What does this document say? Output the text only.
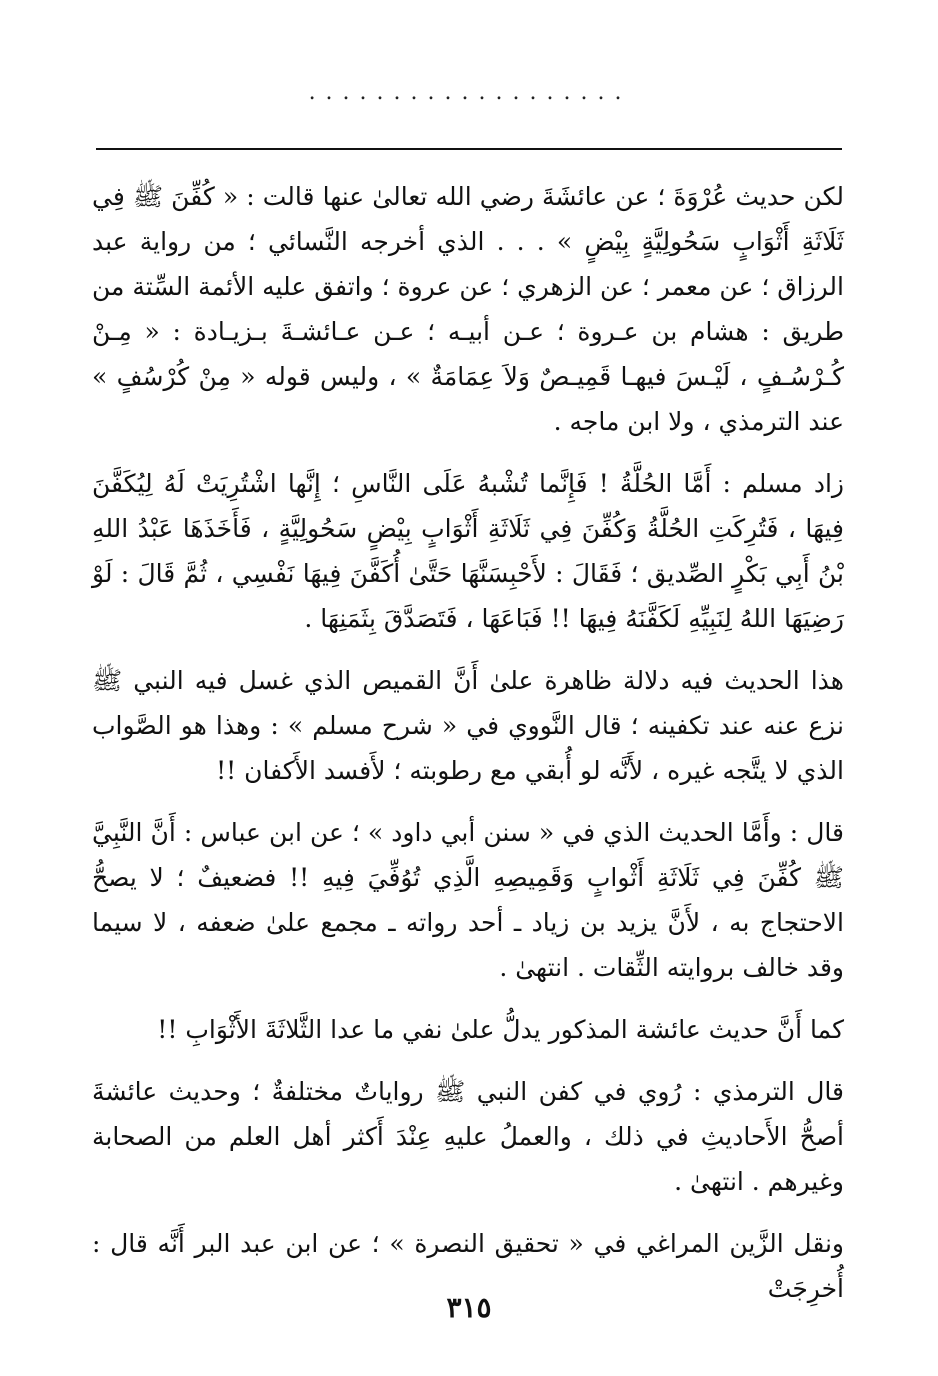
...................

لكن حديث عُرْوَةَ ؛ عن عائشَةَ رضي الله تعالىٰ عنها قالت : « كُفِّنَ ﷺ فِي ثَلَاثَةِ أَثْوَابٍ سَحُولِيَّةٍ بِيْضٍ » . . . الذي أخرجه النَّسائي ؛ من رواية عبد الرزاق ؛ عن معمر ؛ عن الزهري ؛ عن عروة ؛ واتفق عليه الأئمة السِّتة من طريق : هشام بن عـروة ؛ عـن أبيـه ؛ عـن عـائشـةَ بـزيـادة : « مِـنْ كُـرْسُـفٍ ، لَيْـسَ فيهـا قَمِيـصٌ وَلاَ عِمَامَةٌ » ، وليس قوله « مِنْ كُرْسُفٍ » عند الترمذي ، ولا ابن ماجه .

زاد مسلم : أَمَّا الحُلَّةُ ! فَإِنَّما تُشْبهُ عَلَى النَّاسِ ؛ إِنَّها اشْتُرِيَتْ لَهُ لِيُكَفَّنَ فِيهَا ، فَتُرِكَتِ الحُلَّةُ وَكُفِّنَ فِي ثَلَاثَةِ أَثْوَابٍ بِيْضٍ سَحُولِيَّةٍ ، فَأَخَذَهَا عَبْدُ اللهِ بْنُ أَبِي بَكْرٍ الصِّديق ؛ فَقَالَ : لأَحْبِسَنَّهَا حَتَّىٰ أُكَفَّنَ فِيهَا نَفْسِي ، ثُمَّ قَالَ : لَوْ رَضِيَهَا اللهُ لِنَبِيِّهِ لَكَفَّنَهُ فِيهَا !! فَبَاعَهَا ، فَتَصَدَّقَ بِثَمَنِهَا .

هذا الحديث فيه دلالة ظاهرة علىٰ أَنَّ القميص الذي غسل فيه النبي ﷺ نزع عنه عند تكفينه ؛ قال النَّووي في « شرح مسلم » : وهذا هو الصَّواب الذي لا يتَّجه غيره ، لأَنَّه لو أُبقي مع رطوبته ؛ لأَفسد الأَكفان !!

قال : وأَمَّا الحديث الذي في « سنن أبي داود » ؛ عن ابن عباس : أَنَّ النَّبِيَّ ﷺ كُفِّنَ فِي ثَلَاثَةِ أَثْوابٍ وَقَمِيصِهِ الَّذِي تُوُفِّيَ فِيهِ !! فضعيفٌ ؛ لا يصحُّ الاحتجاج به ، لأَنَّ يزيد بن زياد ـ أحد رواته ـ مجمع علىٰ ضعفه ، لا سيما وقد خالف بروايته الثِّقات . انتهىٰ .

كما أَنَّ حديث عائشة المذكور يدلُّ علىٰ نفي ما عدا الثَّلاثَةَ الأَثْوَابِ !!

قال الترمذي : رُوي في كفن النبي ﷺ رواياتٌ مختلفةٌ ؛ وحديث عائشةَ أصحُّ الأَحاديثِ في ذلك ، والعملُ عليهِ عِنْدَ أَكثر أهل العلم من الصحابة وغيرهم . انتهىٰ .

ونقل الزَّين المراغي في « تحقيق النصرة » ؛ عن ابن عبد البر أَنَّه قال : أُخرِجَتْ

٣١٥
